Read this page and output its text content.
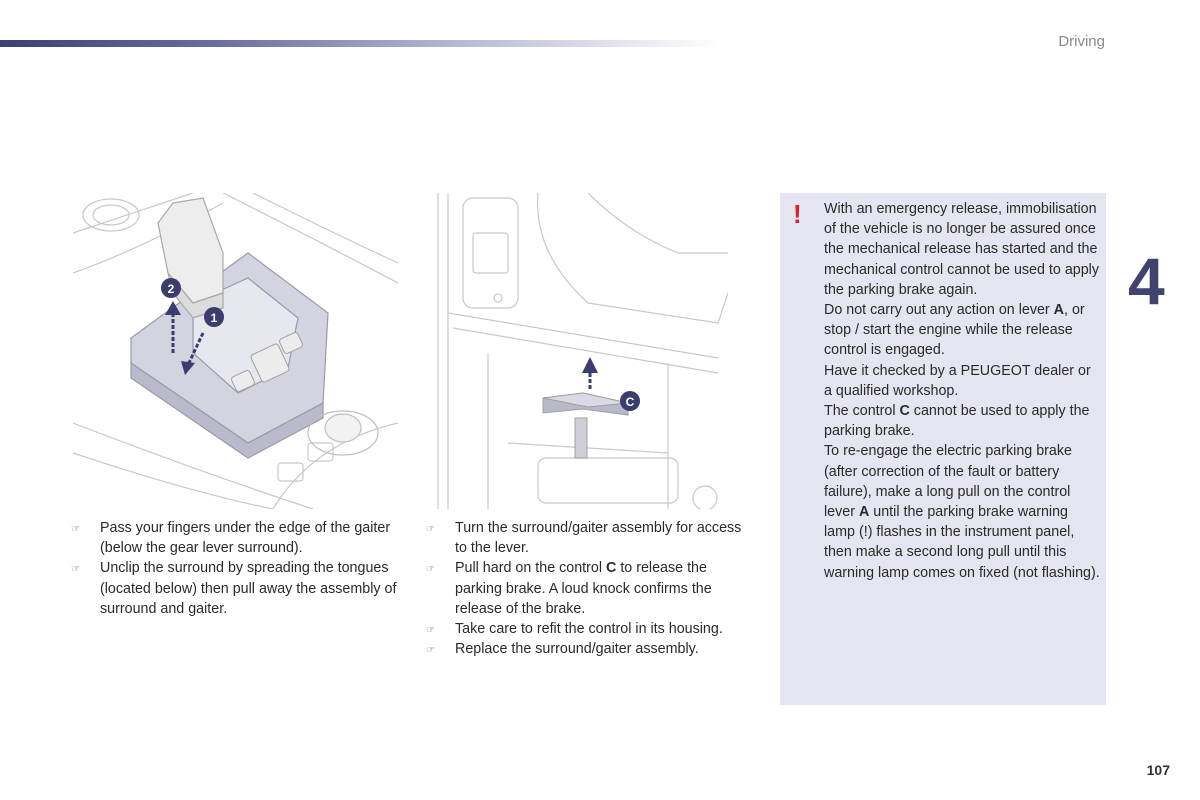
Driving
4
2
1
C
☞ Pass your fingers under the edge of the gaiter (below the gear lever surround).
☞ Unclip the surround by spreading the tongues (located below) then pull away the assembly of surround and gaiter.
☞ Turn the surround/gaiter assembly for access to the lever.
☞ Pull hard on the control C to release the parking brake. A loud knock confirms the release of the brake.
☞ Take care to refit the control in its housing.
☞ Replace the surround/gaiter assembly.
! With an emergency release, immobilisation of the vehicle is no longer be assured once the mechanical release has started and the mechanical control cannot be used to apply the parking brake again.

Do not carry out any action on lever A, or stop / start the engine while the release control is engaged.

Have it checked by a PEUGEOT dealer or a qualified workshop.

The control C cannot be used to apply the parking brake.

To re-engage the electric parking brake (after correction of the fault or battery failure), make a long pull on the control lever A until the parking brake warning lamp (!) flashes in the instrument panel, then make a second long pull until this warning lamp comes on fixed (not flashing).

107
